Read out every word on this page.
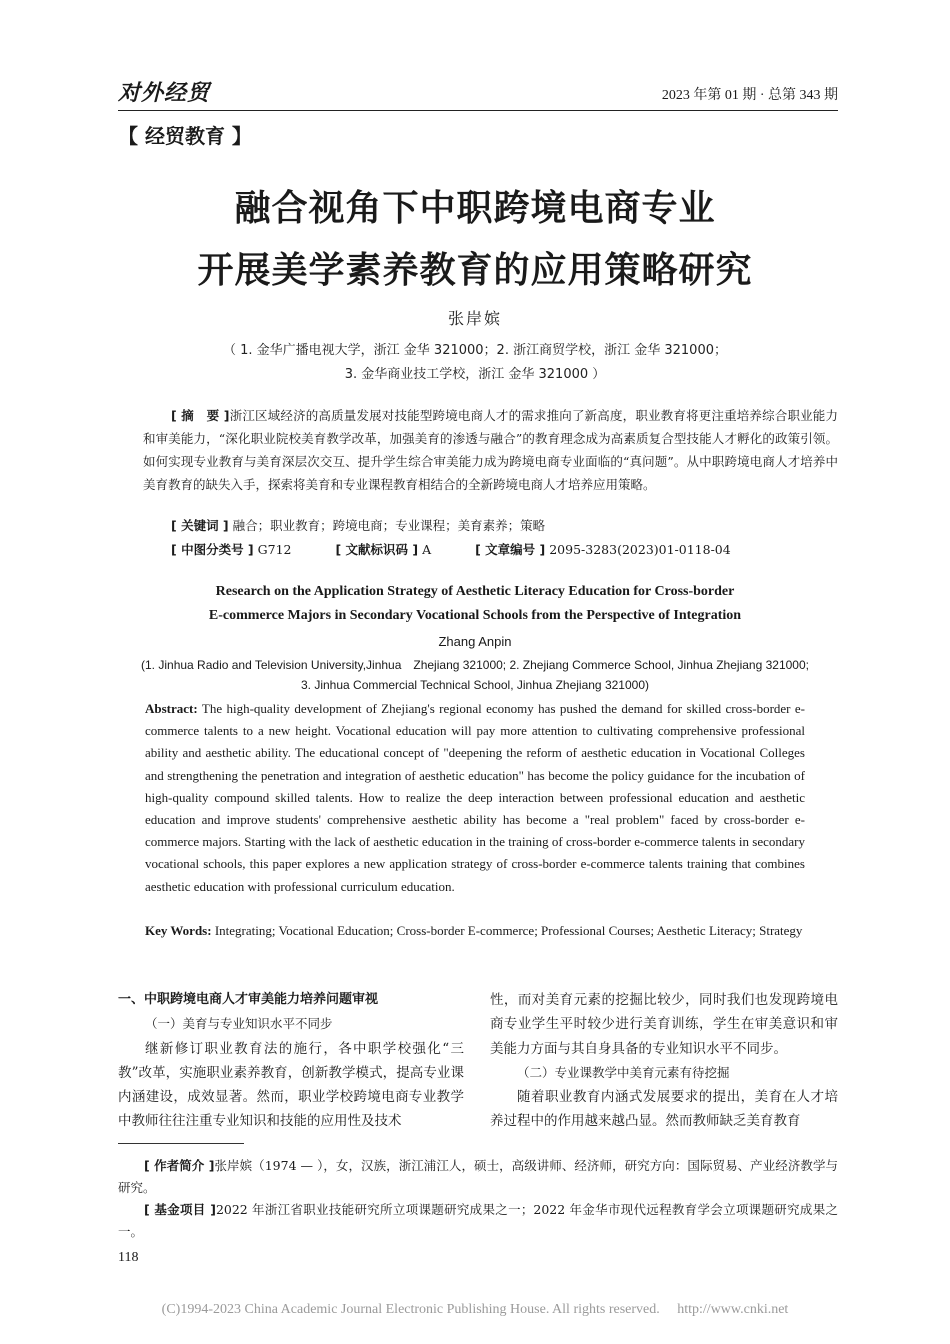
对外经贸	2023 年第 01 期 · 总第 343 期
【 经贸教育 】
融合视角下中职跨境电商专业
开展美学素养教育的应用策略研究
张岸嫔
（ 1. 金华广播电视大学，浙江 金华 321000；2. 浙江商贸学校，浙江 金华 321000；
3. 金华商业技工学校，浙江 金华 321000 ）
[ 摘　要 ]浙江区域经济的高质量发展对技能型跨境电商人才的需求推向了新高度，职业教育将更注重培养综合职业能力和审美能力，“深化职业院校美育教学改革，加强美育的渗透与融合”的教育理念成为高素质复合型技能人才孵化的政策引领。如何实现专业教育与美育深层次交互、提升学生综合审美能力成为跨境电商专业面临的“真问题”。从中职跨境电商人才培养中美育教育的缺失入手，探索将美育和专业课程教育相结合的全新跨境电商人才培养应用策略。
[ 关键词 ] 融合；职业教育；跨境电商；专业课程；美育素养；策略
[ 中图分类号 ] G712	[ 文献标识码 ] A	[ 文章编号 ] 2095-3283(2023)01-0118-04
Research on the Application Strategy of Aesthetic Literacy Education for Cross-border
E-commerce Majors in Secondary Vocational Schools from the Perspective of Integration
Zhang Anpin
(1. Jinhua Radio and Television University,Jinhua　Zhejiang 321000; 2. Zhejiang Commerce School, Jinhua Zhejiang 321000;
3. Jinhua Commercial Technical School, Jinhua Zhejiang 321000)
Abstract: The high-quality development of Zhejiang's regional economy has pushed the demand for skilled cross-border e-commerce talents to a new height. Vocational education will pay more attention to cultivating comprehensive professional ability and aesthetic ability. The educational concept of "deepening the reform of aesthetic education in Vocational Colleges and strengthening the penetration and integration of aesthetic education" has become the policy guidance for the incubation of high-quality compound skilled talents. How to realize the deep interaction between professional education and aesthetic education and improve students' comprehensive aesthetic ability has become a "real problem" faced by cross-border e-commerce majors. Starting with the lack of aesthetic education in the training of cross-border e-commerce talents in secondary vocational schools, this paper explores a new application strategy of cross-border e-commerce talents training that combines aesthetic education with professional curriculum education.
Key Words: Integrating; Vocational Education; Cross-border E-commerce; Professional Courses; Aesthetic Literacy; Strategy
一、中职跨境电商人才审美能力培养问题审视
（一）美育与专业知识水平不同步
继新修订职业教育法的施行，各中职学校强化“三教”改革，实施职业素养教育，创新教学模式，提高专业课内涵建设，成效显著。然而，职业学校跨境电商专业教学中教师往往注重专业知识和技能的应用性及技术
性，而对美育元素的挖掘比较少，同时我们也发现跨境电商专业学生平时较少进行美育训练，学生在审美意识和审美能力方面与其自身具备的专业知识水平不同步。
（二）专业课教学中美育元素有待挖掘
随着职业教育内涵式发展要求的提出，美育在人才培养过程中的作用越来越凸显。然而教师缺乏美育教育

[ 作者简介 ]张岸嫔（1974 — ），女，汉族，浙江浦江人，硕士，高级讲师、经济师，研究方向：国际贸易、产业经济教学与研究。

[ 基金项目 ]2022 年浙江省职业技能研究所立项课题研究成果之一；2022 年金华市现代远程教育学会立项课题研究成果之一。

118
(C)1994-2023 China Academic Journal Electronic Publishing House. All rights reserved.　 http://www.cnki.net
